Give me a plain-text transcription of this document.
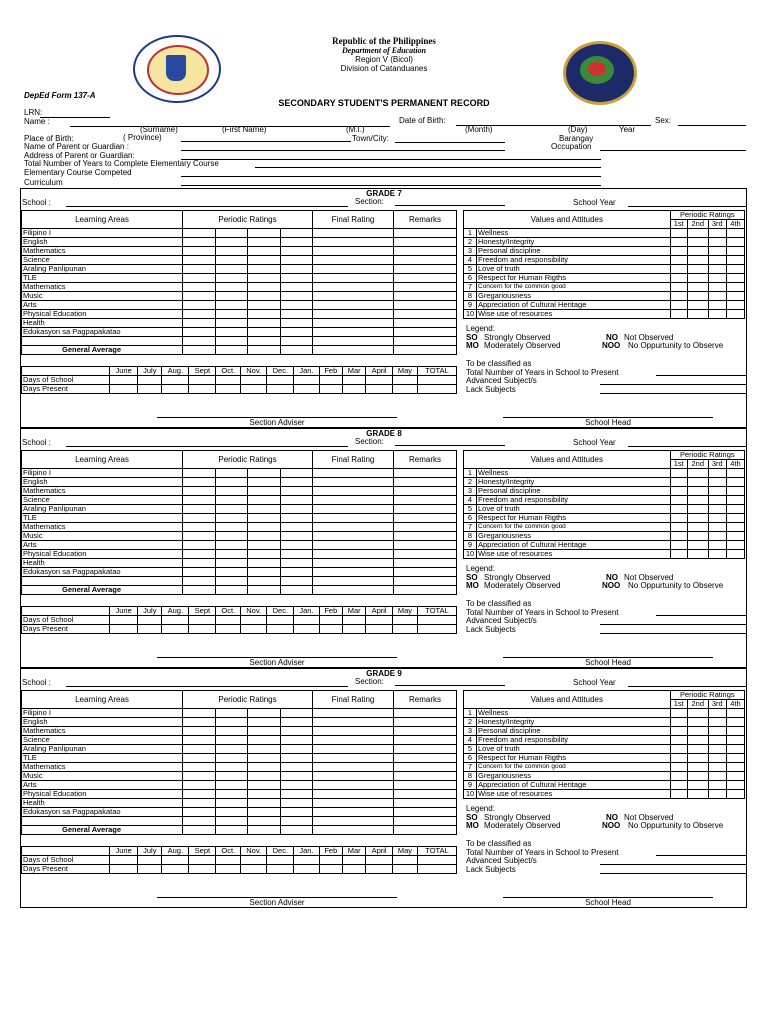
Republic of the Philippines
Department of Education
Region V (Bicol)
Division of Catanduanes
DepEd Form 137-A
SECONDARY STUDENT'S PERMANENT RECORD
LRN:
Name :	Date of Birth:	Sex:
(Surname)	(First Name)	(M.I.)	(Month)	(Day)	Year
Place of Birth:	( Province)	Town/City:	Barangay
Name of Parent or Guardian :	Occupation
Address of Parent or Guardian:
Total Number of Years to Complete Elementary Course
Elementary Course Competed
Curriculum
GRADE 7
School :	Section:	School Year
Learning Areas	Periodic Ratings				Final Rating	Remarks
Filipino I						
English						
Mathematics						
Science						
Araling Panlipunan						
TLE						
Mathematics						
Music						
Arts						
Physical Education						
Health						
Edukasyon sa Pagpapakatao						

General Average						
	June	July	Aug.	Sept	Oct.	Nov.	Dec.	Jan.	Feb	Mar	April	May	TOTAL
Days of School													
Days Present													
Values and Attitudes		Periodic Ratings			
		1st	2nd	3rd	4th
1	Wellness				
2	Honesty/Integrity				
3	Personal discipline				
4	Freedom and responsibility				
5	Love of truth				
6	Respect for Human Rigths				
7	Concern for the common good				
8	Gregariousness				
9	Appreciation of Cultural Heritage				
10	Wise use of resources				
Legend:
SO Strongly Observed
MO Moderately Observed
NO Not Observed
NOO No Oppurtunity to Observe
To be classified as
Total Number of Years in School to Present
Advanced Subject/s
Lack Subjects
Section Adviser	School Head
GRADE 8
School :	Section:	School Year
Learning Areas	Periodic Ratings				Final Rating	Remarks
Filipino I						
English						
Mathematics						
Science						
Araling Panlipunan						
TLE						
Mathematics						
Music						
Arts						
Physical Education						
Health						
Edukasyon sa Pagpapakatao						

General Average						
	June	July	Aug.	Sept	Oct.	Nov.	Dec.	Jan.	Feb	Mar	April	May	TOTAL
Days of School													
Days Present													
Values and Attitudes		Periodic Ratings			
		1st	2nd	3rd	4th
1	Wellness				
2	Honesty/Integrity				
3	Personal discipline				
4	Freedom and responsibility				
5	Love of truth				
6	Respect for Human Rigths				
7	Concern for the common good				
8	Gregariousness				
9	Appreciation of Cultural Heritage				
10	Wise use of resources				
Legend:
SO Strongly Observed
MO Moderately Observed
NO Not Observed
NOO No Oppurtunity to Observe
To be classified as
Total Number of Years in School to Present
Advanced Subject/s
Lack Subjects
Section Adviser	School Head
GRADE 9
School :	Section:	School Year
Learning Areas	Periodic Ratings				Final Rating	Remarks
Filipino I						
English						
Mathematics						
Science						
Araling Panlipunan						
TLE						
Mathematics						
Music						
Arts						
Physical Education						
Health						
Edukasyon sa Pagpapakatao						

General Average						
	June	July	Aug.	Sept	Oct.	Nov.	Dec.	Jan.	Feb	Mar	April	May	TOTAL
Days of School													
Days Present													
Values and Attitudes		Periodic Ratings			
		1st	2nd	3rd	4th
1	Wellness				
2	Honesty/Integrity				
3	Personal discipline				
4	Freedom and responsibility				
5	Love of truth				
6	Respect for Human Rigths				
7	Concern for the common good				
8	Gregariousness				
9	Appreciation of Cultural Heritage				
10	Wise use of resources				
Legend:
SO Strongly Observed
MO Moderately Observed
NO Not Observed
NOO No Oppurtunity to Observe
To be classified as
Total Number of Years in School to Present
Advanced Subject/s
Lack Subjects
Section Adviser	School Head
